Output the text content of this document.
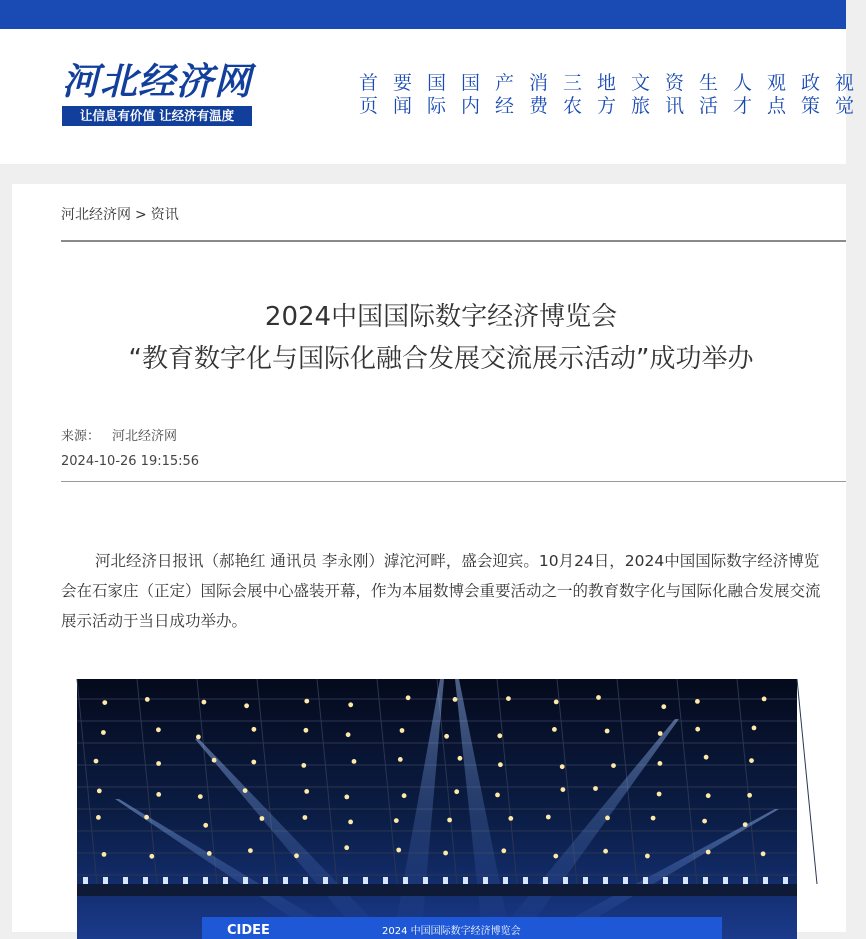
河北经济网
让信息有价值 让经济有温度
首
页
要
闻
国
际
国
内
产
经
消
费
三
农
地
方
文
旅
资
讯
生
活
人
才
观
点
政
策
视
觉
河北经济网 > 资讯
2024中国国际数字经济博览会
“教育数字化与国际化融合发展交流展示活动”成功举办
来源： 河北经济网
2024-10-26 19:15:56

河北经济日报讯（郝艳红 通讯员 李永刚）滹沱河畔，盛会迎宾。10月24日，2024中国国际数字经济博览会在石家庄（正定）国际会展中心盛装开幕，作为本届数博会重要活动之一的教育数字化与国际化融合发展交流展示活动于当日成功举办。

CIDEE	2024 中国国际数字经济博览会
